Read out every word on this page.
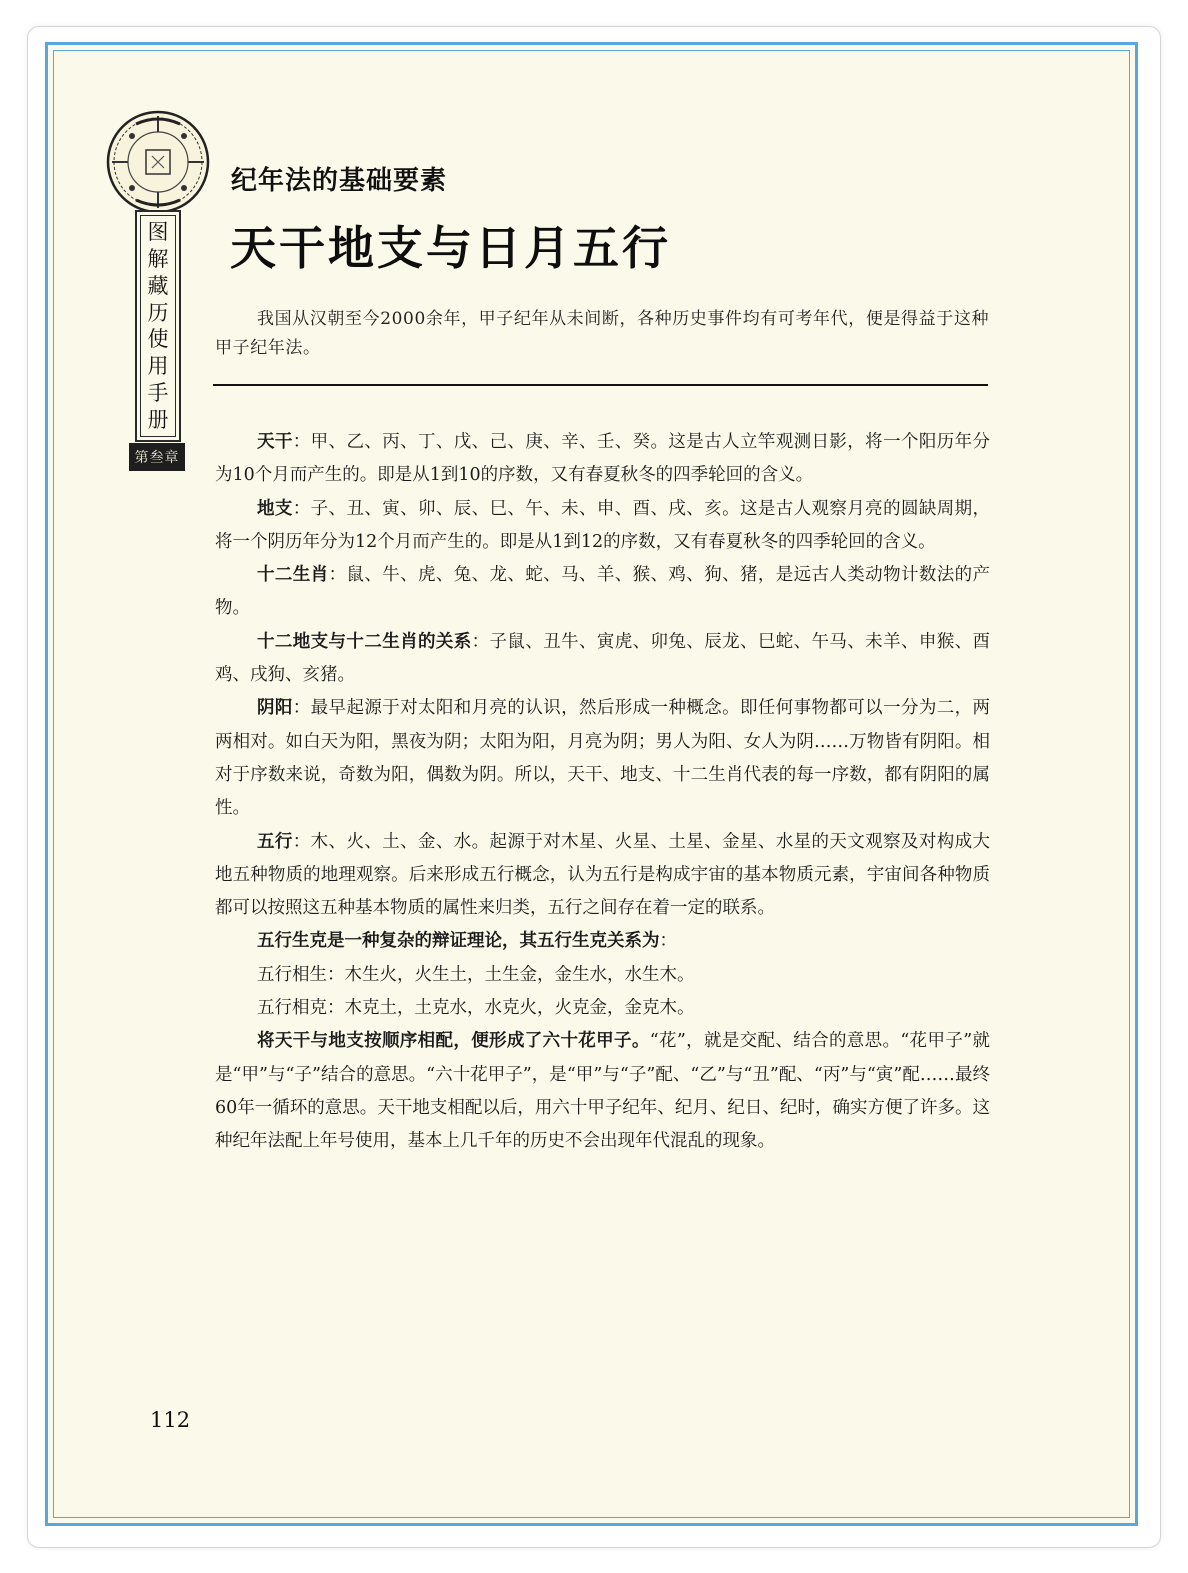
图
解
藏
历
使
用
手
册
第叁章
纪年法的基础要素
天干地支与日月五行

我国从汉朝至今2000余年，甲子纪年从未间断，各种历史事件均有可考年代，便是得益于这种甲子纪年法。

天干：甲、乙、丙、丁、戊、己、庚、辛、壬、癸。这是古人立竿观测日影，将一个阳历年分为10个月而产生的。即是从1到10的序数，又有春夏秋冬的四季轮回的含义。

地支：子、丑、寅、卯、辰、巳、午、未、申、酉、戌、亥。这是古人观察月亮的圆缺周期，将一个阴历年分为12个月而产生的。即是从1到12的序数，又有春夏秋冬的四季轮回的含义。

十二生肖：鼠、牛、虎、兔、龙、蛇、马、羊、猴、鸡、狗、猪，是远古人类动物计数法的产物。

十二地支与十二生肖的关系：子鼠、丑牛、寅虎、卯兔、辰龙、巳蛇、午马、未羊、申猴、酉鸡、戌狗、亥猪。

阴阳：最早起源于对太阳和月亮的认识，然后形成一种概念。即任何事物都可以一分为二，两两相对。如白天为阳，黑夜为阴；太阳为阳，月亮为阴；男人为阳、女人为阴……万物皆有阴阳。相对于序数来说，奇数为阳，偶数为阴。所以，天干、地支、十二生肖代表的每一序数，都有阴阳的属性。

五行：木、火、土、金、水。起源于对木星、火星、土星、金星、水星的天文观察及对构成大地五种物质的地理观察。后来形成五行概念，认为五行是构成宇宙的基本物质元素，宇宙间各种物质都可以按照这五种基本物质的属性来归类，五行之间存在着一定的联系。

五行生克是一种复杂的辩证理论，其五行生克关系为：

五行相生：木生火，火生土，土生金，金生水，水生木。

五行相克：木克土，土克水，水克火，火克金，金克木。

将天干与地支按顺序相配，便形成了六十花甲子。“花”，就是交配、结合的意思。“花甲子”就是“甲”与“子”结合的意思。“六十花甲子”，是“甲”与“子”配、“乙”与“丑”配、“丙”与“寅”配……最终60年一循环的意思。天干地支相配以后，用六十甲子纪年、纪月、纪日、纪时，确实方便了许多。这种纪年法配上年号使用，基本上几千年的历史不会出现年代混乱的现象。

112
